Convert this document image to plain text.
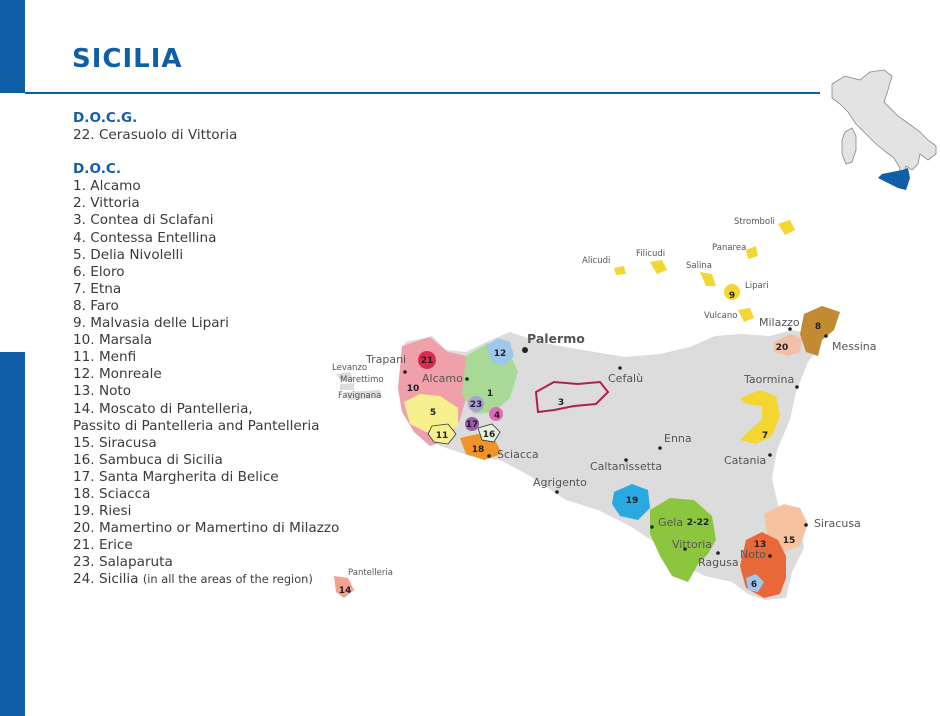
SICILIA
D.O.C.G.
22. Cerasuolo di Vittoria
D.O.C.
1. Alcamo
2. Vittoria
3. Contea di Sclafani
4. Contessa Entellina
5. Delia Nivolelli
6. Eloro
7. Etna
8. Faro
9. Malvasia delle Lipari
10. Marsala
11. Menfi
12. Monreale
13. Noto
14. Moscato di Pantelleria,
Passito di Pantelleria and Pantelleria
15. Siracusa
16. Sambuca di Sicilia
17. Santa Margherita di Belice
18. Sciacca
19. Riesi
20. Mamertino or Mamertino di Milazzo
21. Erice
23. Salaparuta
24. Sicilia (in all the areas of the region)
1
2-22
3
4
5
6
7
8
9
10
11
12
13
14
15
16
17
18
19
20
21
23
Palermo
Trapani
Alcamo	Cefalù
Milazzo
Messina
Taormina
Catania
Enna
Caltanissetta
Sciacca
Agrigento
Gela
Vittoria
Ragusa
Noto
Siracusa
Stromboli
Panarea
Filicudi
Alicudi	Salina
Lipari
Vulcano
Levanzo
Marettimo
Favignana
Pantelleria
